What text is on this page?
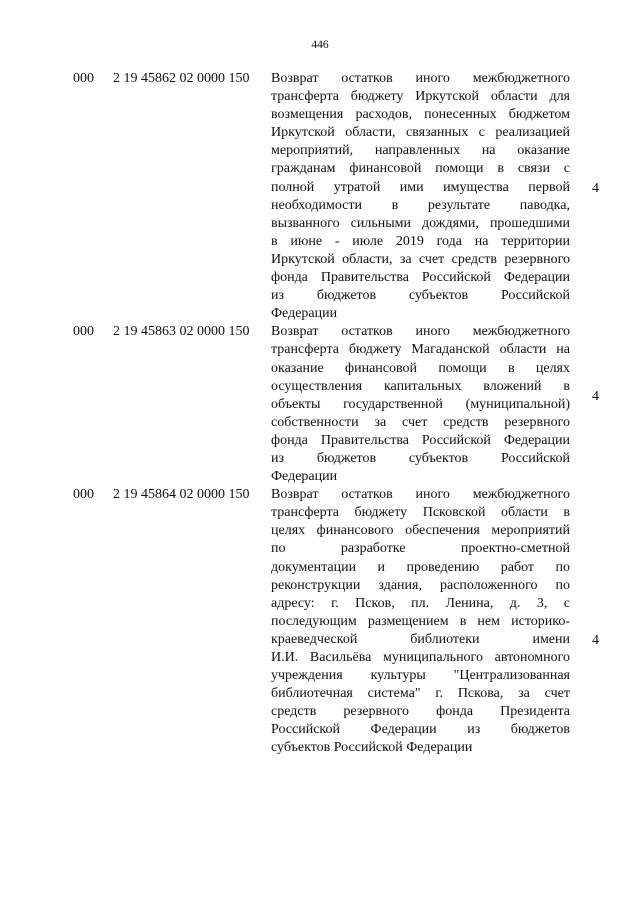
446
000 2 19 45862 02 0000 150 Возврат остатков иного межбюджетного
трансферта бюджету Иркутской области для
возмещения расходов, понесенных бюджетом
Иркутской области, связанных с реализацией
мероприятий, направленных на оказание
гражданам финансовой помощи в связи с
полной утратой ими имущества первой
необходимости в результате паводка,
вызванного сильными дождями, прошедшими
в июне - июле 2019 года на территории
Иркутской области, за счет средств резервного
фонда Правительства Российской Федерации
из бюджетов субъектов Российской
Федерации
4
000 2 19 45863 02 0000 150 Возврат остатков иного межбюджетного
трансферта бюджету Магаданской области на
оказание финансовой помощи в целях
осуществления капитальных вложений в
объекты государственной (муниципальной)
собственности за счет средств резервного
фонда Правительства Российской Федерации
из бюджетов субъектов Российской
Федерации
4
000 2 19 45864 02 0000 150 Возврат остатков иного межбюджетного
трансферта бюджету Псковской области в
целях финансового обеспечения мероприятий
по разработке проектно-сметной
документации и проведению работ по
реконструкции здания, расположенного по
адресу: г. Псков, пл. Ленина, д. 3, с
последующим размещением в нем историко-
краеведческой библиотеки имени
И.И. Васильёва муниципального автономного
учреждения культуры "Централизованная
библиотечная система" г. Пскова, за счет
средств резервного фонда Президента
Российской Федерации из бюджетов
субъектов Российской Федерации
4
